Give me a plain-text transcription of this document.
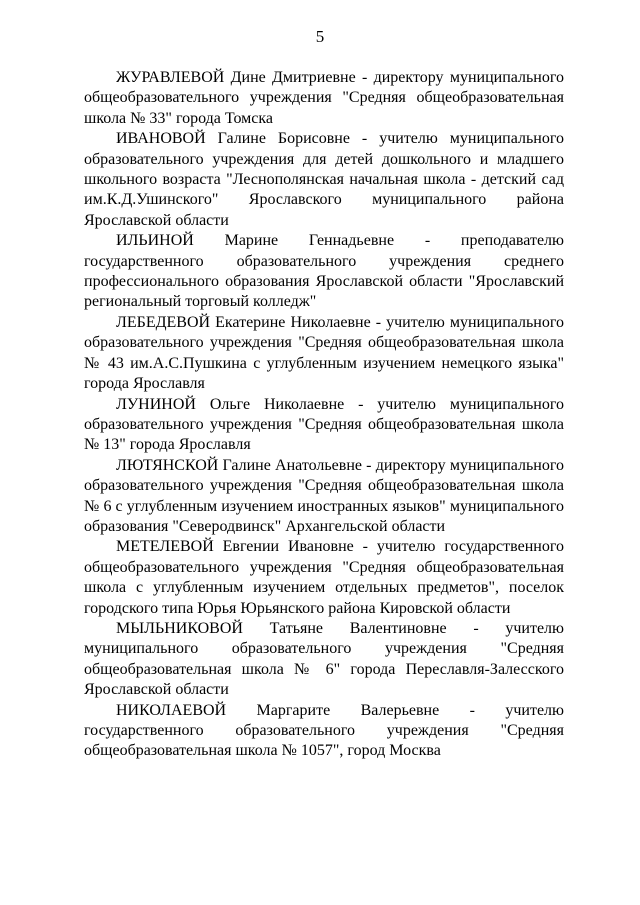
5

ЖУРАВЛЕВОЙ Дине Дмитриевне - директору муниципального общеобразовательного учреждения "Средняя общеобразовательная школа № 33" города Томска

ИВАНОВОЙ Галине Борисовне - учителю муниципального образовательного учреждения для детей дошкольного и младшего школьного возраста "Леснополянская начальная школа - детский сад им.К.Д.Ушинского" Ярославского муниципального района Ярославской области

ИЛЬИНОЙ Марине Геннадьевне - преподавателю государственного образовательного учреждения среднего профессионального образования Ярославской области "Ярославский региональный торговый колледж"

ЛЕБЕДЕВОЙ Екатерине Николаевне - учителю муниципального образовательного учреждения "Средняя общеобразовательная школа № 43 им.А.С.Пушкина с углубленным изучением немецкого языка" города Ярославля

ЛУНИНОЙ Ольге Николаевне - учителю муниципального образовательного учреждения "Средняя общеобразовательная школа № 13" города Ярославля

ЛЮТЯНСКОЙ Галине Анатольевне - директору муниципального образовательного учреждения "Средняя общеобразовательная школа № 6 с углубленным изучением иностранных языков" муниципального образования "Северодвинск" Архангельской области

МЕТЕЛЕВОЙ Евгении Ивановне - учителю государственного общеобразовательного учреждения "Средняя общеобразовательная школа с углубленным изучением отдельных предметов", поселок городского типа Юрья Юрьянского района Кировской области

МЫЛЬНИКОВОЙ Татьяне Валентиновне - учителю муниципального образовательного учреждения "Средняя общеобразовательная школа № 6" города Переславля-Залесского Ярославской области

НИКОЛАЕВОЙ Маргарите Валерьевне - учителю государственного образовательного учреждения "Средняя общеобразовательная школа № 1057", город Москва
